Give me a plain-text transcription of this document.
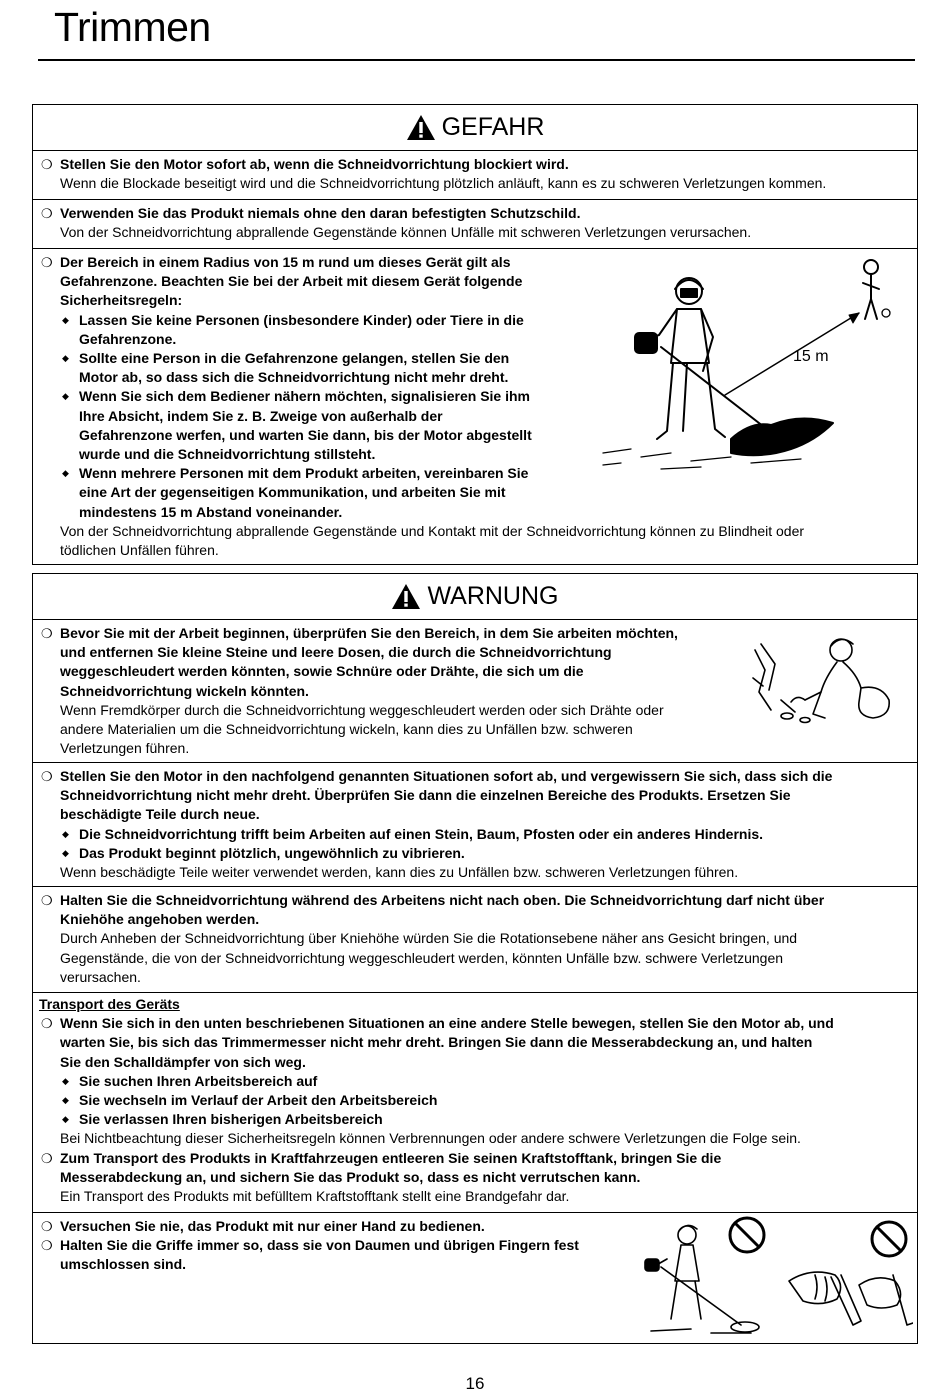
Trimmen
GEFAHR
❍ Stellen Sie den Motor sofort ab, wenn die Schneidvorrichtung blockiert wird.
Wenn die Blockade beseitigt wird und die Schneidvorrichtung plötzlich anläuft, kann es zu schweren Verletzungen kommen.
❍ Verwenden Sie das Produkt niemals ohne den daran befestigten Schutzschild.
Von der Schneidvorrichtung abprallende Gegenstände können Unfälle mit schweren Verletzungen verursachen.
❍ Der Bereich in einem Radius von 15 m rund um dieses Gerät gilt als
Gefahrenzone. Beachten Sie bei der Arbeit mit diesem Gerät folgende
Sicherheitsregeln:
◆ Lassen Sie keine Personen (insbesondere Kinder) oder Tiere in die
Gefahrenzone.
◆ Sollte eine Person in die Gefahrenzone gelangen, stellen Sie den
Motor ab, so dass sich die Schneidvorrichtung nicht mehr dreht.
◆ Wenn Sie sich dem Bediener nähern möchten, signalisieren Sie ihm
Ihre Absicht, indem Sie z. B. Zweige von außerhalb der
Gefahrenzone werfen, und warten Sie dann, bis der Motor abgestellt
wurde und die Schneidvorrichtung stillsteht.
◆ Wenn mehrere Personen mit dem Produkt arbeiten, vereinbaren Sie
eine Art der gegenseitigen Kommunikation, und arbeiten Sie mit
mindestens 15 m Abstand voneinander.
Von der Schneidvorrichtung abprallende Gegenstände und Kontakt mit der Schneidvorrichtung können zu Blindheit oder
tödlichen Unfällen führen.
15 m
WARNUNG
❍ Bevor Sie mit der Arbeit beginnen, überprüfen Sie den Bereich, in dem Sie arbeiten möchten,
und entfernen Sie kleine Steine und leere Dosen, die durch die Schneidvorrichtung
weggeschleudert werden könnten, sowie Schnüre oder Drähte, die sich um die
Schneidvorrichtung wickeln könnten.
Wenn Fremdkörper durch die Schneidvorrichtung weggeschleudert werden oder sich Drähte oder
andere Materialien um die Schneidvorrichtung wickeln, kann dies zu Unfällen bzw. schweren
Verletzungen führen.
❍ Stellen Sie den Motor in den nachfolgend genannten Situationen sofort ab, und vergewissern Sie sich, dass sich die
Schneidvorrichtung nicht mehr dreht. Überprüfen Sie dann die einzelnen Bereiche des Produkts. Ersetzen Sie
beschädigte Teile durch neue.
◆ Die Schneidvorrichtung trifft beim Arbeiten auf einen Stein, Baum, Pfosten oder ein anderes Hindernis.
◆ Das Produkt beginnt plötzlich, ungewöhnlich zu vibrieren.
Wenn beschädigte Teile weiter verwendet werden, kann dies zu Unfällen bzw. schweren Verletzungen führen.
❍ Halten Sie die Schneidvorrichtung während des Arbeitens nicht nach oben. Die Schneidvorrichtung darf nicht über
Kniehöhe angehoben werden.
Durch Anheben der Schneidvorrichtung über Kniehöhe würden Sie die Rotationsebene näher ans Gesicht bringen, und
Gegenstände, die von der Schneidvorrichtung weggeschleudert werden, könnten Unfälle bzw. schwere Verletzungen
verursachen.
Transport des Geräts
❍ Wenn Sie sich in den unten beschriebenen Situationen an eine andere Stelle bewegen, stellen Sie den Motor ab, und
warten Sie, bis sich das Trimmermesser nicht mehr dreht. Bringen Sie dann die Messerabdeckung an, und halten
Sie den Schalldämpfer von sich weg.
◆ Sie suchen Ihren Arbeitsbereich auf
◆ Sie wechseln im Verlauf der Arbeit den Arbeitsbereich
◆ Sie verlassen Ihren bisherigen Arbeitsbereich
Bei Nichtbeachtung dieser Sicherheitsregeln können Verbrennungen oder andere schwere Verletzungen die Folge sein.
❍ Zum Transport des Produkts in Kraftfahrzeugen entleeren Sie seinen Kraftstofftank, bringen Sie die
Messerabdeckung an, und sichern Sie das Produkt so, dass es nicht verrutschen kann.
Ein Transport des Produkts mit befülltem Kraftstofftank stellt eine Brandgefahr dar.
❍ Versuchen Sie nie, das Produkt mit nur einer Hand zu bedienen.
❍ Halten Sie die Griffe immer so, dass sie von Daumen und übrigen Fingern fest
umschlossen sind.
16
